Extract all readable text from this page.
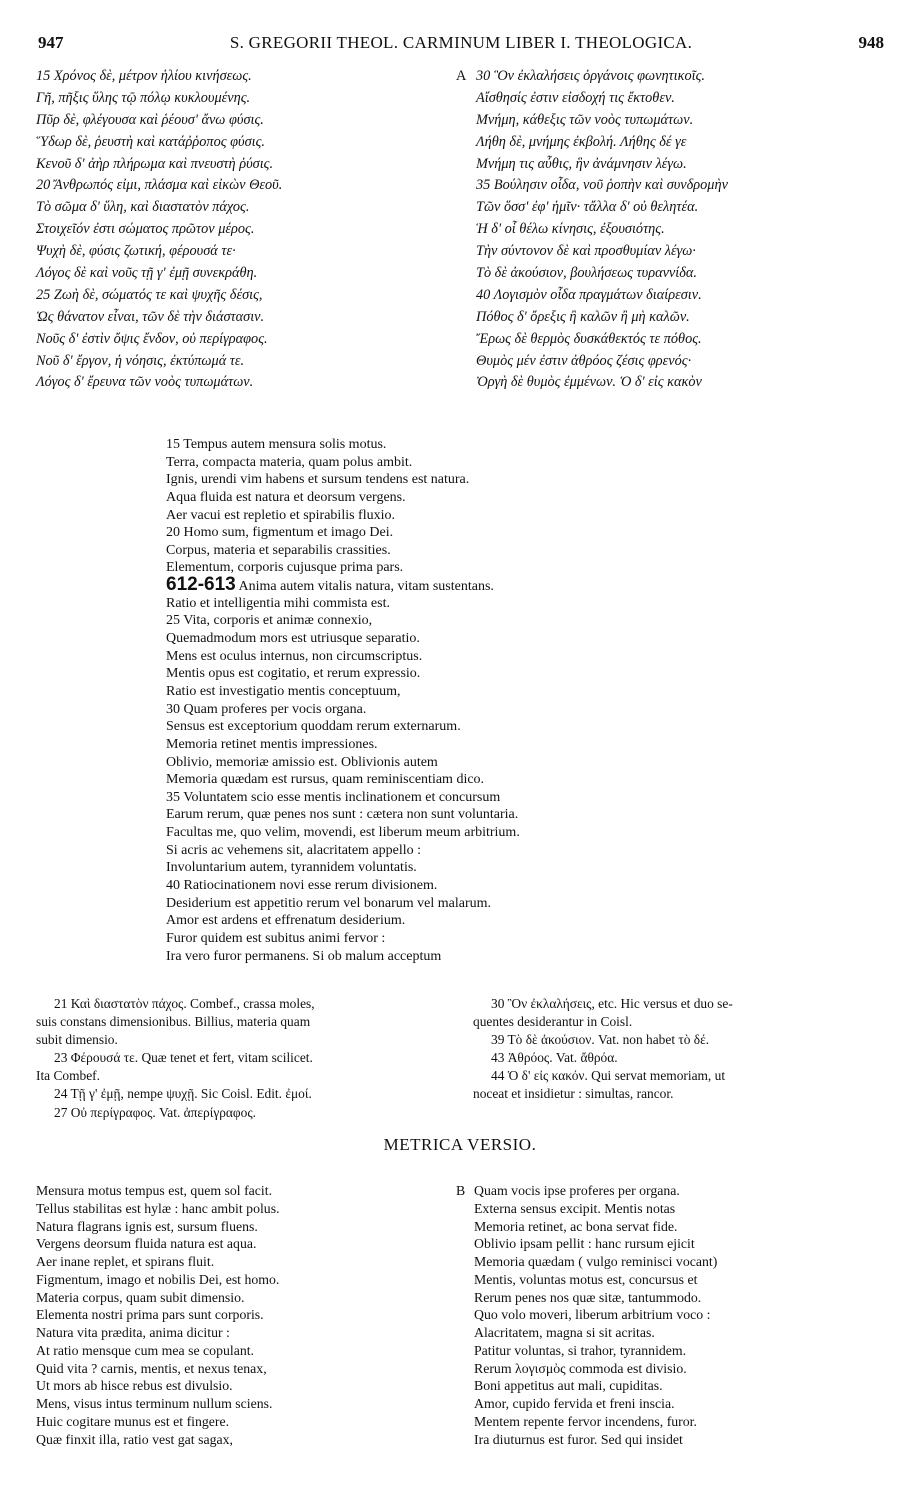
947	S. GREGORII THEOL. CARMINUM LIBER I. THEOLOGICA.	948
15 Χρόνος δὲ, μέτρον ἡλίου κινήσεως.
Γῆ, πῆξις ὕλης τῷ πόλῳ κυκλουμένης.
Πῦρ δὲ, φλέγουσα καὶ ῥέουσ' ἄνω φύσις.
Ὕδωρ δὲ, ῥευστὴ καὶ κατάῤῥοπος φύσις.
Κενοῦ δ' ἀὴρ πλήρωμα καὶ πνευστὴ ῥύσις.
20 Ἄνθρωπός εἰμι, πλάσμα καὶ εἰκὼν Θεοῦ.
Τὸ σῶμα δ' ὕλη, καὶ διαστατὸν πάχος.
Στοιχεῖόν ἐστι σώματος πρῶτον μέρος.
Ψυχὴ δὲ, φύσις ζωτική, φέρουσά τε·
Λόγος δὲ καὶ νοῦς τῇ γ' ἐμῇ συνεκράθη.
25 Ζωὴ δὲ, σώματός τε καὶ ψυχῆς δέσις,
Ὡς θάνατον εἶναι, τῶν δὲ τὴν διάστασιν.
Νοῦς δ' ἐστὶν ὄψις ἔνδον, οὐ περίγραφος.
Νοῦ δ' ἔργον, ἡ νόησις, ἐκτύπωμά τε.
Λόγος δ' ἔρευνα τῶν νοὸς τυπωμάτων.
A 30 Ὃν ἐκλαλήσεις ὀργάνοις φωνητικοῖς.
Αἴσθησίς ἐστιν εἰσδοχή τις ἔκτοθεν.
Μνήμη, κάθεξις τῶν νοὸς τυπωμάτων.
Λήθη δὲ, μνήμης ἐκβολή. Λήθης δέ γε
Μνήμη τις αὖθις, ἣν ἀνάμνησιν λέγω.
35 Βούλησιν οἶδα, νοῦ ῥοπὴν καὶ συνδρομὴν
Τῶν ὅσσ' ἐφ' ἡμῖν· τἄλλα δ' οὐ θελητέα.
Ἡ δ' οἷ θέλω κίνησις, ἐξουσιότης.
Τὴν σύντονον δὲ καὶ προσθυμίαν λέγω·
Τὸ δὲ ἀκούσιον, βουλήσεως τυραννίδα.
40 Λογισμὸν οἶδα πραγμάτων διαίρεσιν.
Πόθος δ' ὄρεξις ἢ καλῶν ἢ μὴ καλῶν.
Ἔρως δὲ θερμὸς δυσκάθεκτός τε πόθος.
Θυμὸς μέν ἐστιν ἀθρόος ζέσις φρενός·
Ὀργὴ δὲ θυμὸς ἐμμένων. Ὁ δ' εἰς κακὸν
15 Tempus autem mensura solis motus.
Terra, compacta materia, quam polus ambit.
Ignis, urendi vim habens et sursum tendens est natura.
Aqua fluida est natura et deorsum vergens.
Aer vacui est repletio et spirabilis fluxio.
20 Homo sum, figmentum et imago Dei.
Corpus, materia et separabilis crassities.
Elementum, corporis cujusque prima pars.
612-613 Anima autem vitalis natura, vitam sustentans.
Ratio et intelligentia mihi commista est.
25 Vita, corporis et animæ connexio,
Quemadmodum mors est utriusque separatio.
Mens est oculus internus, non circumscriptus.
Mentis opus est cogitatio, et rerum expressio.
Ratio est investigatio mentis conceptuum,
30 Quam proferes per vocis organa.
Sensus est exceptorium quoddam rerum externarum.
Memoria retinet mentis impressiones.
Oblivio, memoriæ amissio est. Oblivionis autem
Memoria quædam est rursus, quam reminiscentiam dico.
35 Voluntatem scio esse mentis inclinationem et concursum
Earum rerum, quæ penes nos sunt : cætera non sunt voluntaria.
Facultas me, quo velim, movendi, est liberum meum arbitrium.
Si acris ac vehemens sit, alacritatem appello :
Involuntarium autem, tyrannidem voluntatis.
40 Ratiocinationem novi esse rerum divisionem.
Desiderium est appetitio rerum vel bonarum vel malarum.
Amor est ardens et effrenatum desiderium.
Furor quidem est subitus animi fervor :
Ira vero furor permanens. Si ob malum acceptum
21 Καὶ διαστατὸν πάχος. Combef., crassa moles,
suis constans dimensionibus. Billius, materia quam
subit dimensio.
23 Φέρουσά τε. Quæ tenet et fert, vitam scilicet.
Ita Combef.
24 Τῇ γ' ἐμῇ, nempe ψυχῇ. Sic Coisl. Edit. ἐμοί.
27 Οὐ περίγραφος. Vat. ἀπερίγραφος.
30 Ὃν ἐκλαλήσεις, etc. Hic versus et duo se-
quentes desiderantur in Coisl.
39 Τὸ δὲ ἀκούσιον. Vat. non habet τὸ δέ.
43 Ἀθρόος. Vat. ἄθρόα.
44 Ὁ δ' εἰς κακόν. Qui servat memoriam, ut
noceat et insidietur : simultas, rancor.
METRICA VERSIO.
Mensura motus tempus est, quem sol facit.
Tellus stabilitas est hylæ : hanc ambit polus.
Natura flagrans ignis est, sursum fluens.
Vergens deorsum fluida natura est aqua.
Aer inane replet, et spirans fluit.
Figmentum, imago et nobilis Dei, est homo.
Materia corpus, quam subit dimensio.
Elementa nostri prima pars sunt corporis.
Natura vita prædita, anima dicitur :
At ratio mensque cum mea se copulant.
Quid vita ? carnis, mentis, et nexus tenax,
Ut mors ab hisce rebus est divulsio.
Mens, visus intus terminum nullum sciens.
Huic cogitare munus est et fingere.
Quæ finxit illa, ratio vest gat sagax,
B Quam vocis ipse proferes per organa.
Externa sensus excipit. Mentis notas
Memoria retinet, ac bona servat fide.
Oblivio ipsam pellit : hanc rursum ejicit
Memoria quædam ( vulgo reminisci vocant)
Mentis, voluntas motus est, concursus et
Rerum penes nos quæ sitæ, tantummodo.
Quo volo moveri, liberum arbitrium voco :
Alacritatem, magna si sit acritas.
Patitur voluntas, si trahor, tyrannidem.
Rerum λογισμὸς commoda est divisio.
Boni appetitus aut mali, cupiditas.
Amor, cupido fervida et freni inscia.
Mentem repente fervor incendens, furor.
Ira diuturnus est furor. Sed qui insidet
